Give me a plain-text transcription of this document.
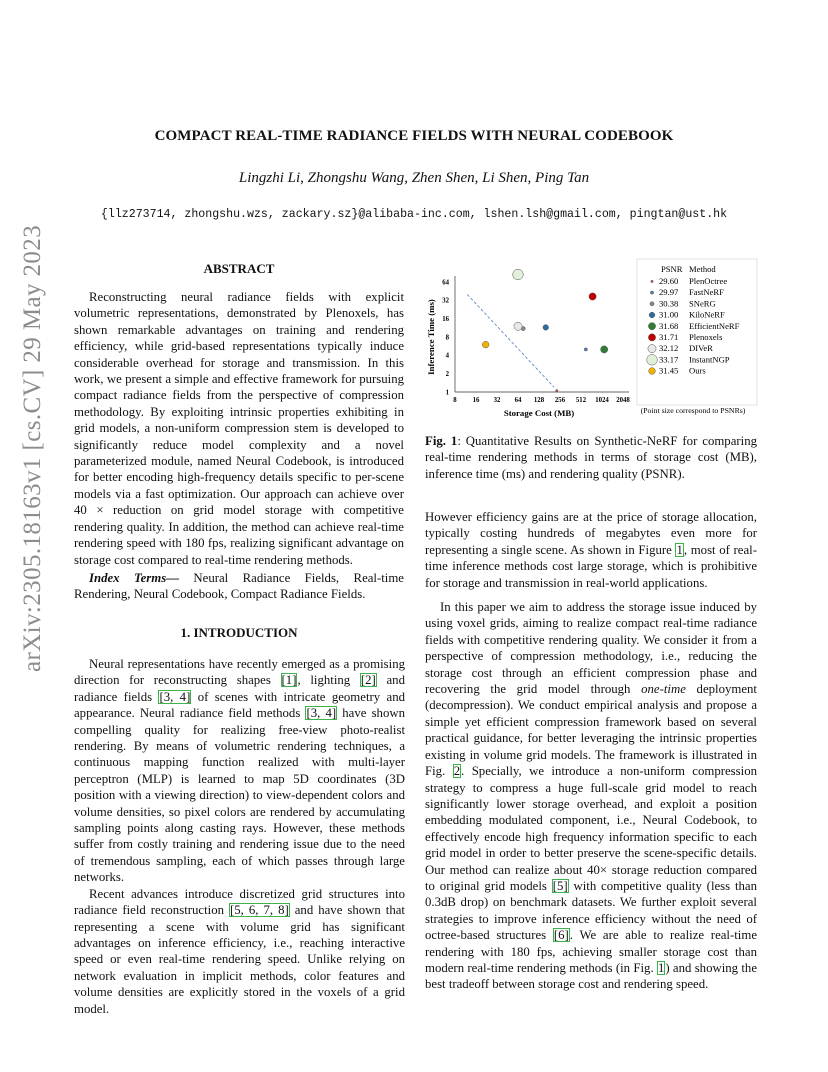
arXiv:2305.18163v1 [cs.CV] 29 May 2023
COMPACT REAL-TIME RADIANCE FIELDS WITH NEURAL CODEBOOK
Lingzhi Li, Zhongshu Wang, Zhen Shen, Li Shen, Ping Tan
{llz273714, zhongshu.wzs, zackary.sz}@alibaba-inc.com, lshen.lsh@gmail.com, pingtan@ust.hk
ABSTRACT

Reconstructing neural radiance fields with explicit volumetric representations, demonstrated by Plenoxels, has shown remarkable advantages on training and rendering efficiency, while grid-based representations typically induce considerable overhead for storage and transmission. In this work, we present a simple and effective framework for pursuing compact radiance fields from the perspective of compression methodology. By exploiting intrinsic properties exhibiting in grid models, a non-uniform compression stem is developed to significantly reduce model complexity and a novel parameterized module, named Neural Codebook, is introduced for better encoding high-frequency details specific to per-scene models via a fast optimization. Our approach can achieve over 40 × reduction on grid model storage with competitive rendering quality. In addition, the method can achieve real-time rendering speed with 180 fps, realizing significant advantage on storage cost compared to real-time rendering methods.

Index Terms— Neural Radiance Fields, Real-time Rendering, Neural Codebook, Compact Radiance Fields.

1. INTRODUCTION

Neural representations have recently emerged as a promising direction for reconstructing shapes [1], lighting [2] and radiance fields [3, 4] of scenes with intricate geometry and appearance. Neural radiance field methods [3, 4] have shown compelling quality for realizing free-view photo-realist rendering. By means of volumetric rendering techniques, a continuous mapping function realized with multi-layer perceptron (MLP) is learned to map 5D coordinates (3D position with a viewing direction) to view-dependent colors and volume densities, so pixel colors are rendered by accumulating sampling points along casting rays. However, these methods suffer from costly training and rendering issue due to the need of tremendous sampling, each of which passes through large networks.

Recent advances introduce discretized grid structures into radiance field reconstruction [5, 6, 7, 8] and have shown that representing a scene with volume grid has significant advantages on inference efficiency, i.e., reaching interactive speed or even real-time rendering speed. Unlike relying on network evaluation in implicit methods, color features and volume densities are explicitly stored in the voxels of a grid model.

8 16 32 64 128 256 512 1024 2048
1
2
4
8
16
32
64
Storage Cost (MB)
Inference Time (ms)
PSNR Method
29.60 PlenOctree
29.97 FastNeRF
30.38 SNeRG
31.00 KiloNeRF
31.68 EfficientNeRF
31.71 Plenoxels
32.12 DIVeR
33.17 InstantNGP
31.45 Ours
(Point size correspond to PSNRs)

Fig. 1: Quantitative Results on Synthetic-NeRF for comparing real-time rendering methods in terms of storage cost (MB), inference time (ms) and rendering quality (PSNR).

However efficiency gains are at the price of storage allocation, typically costing hundreds of megabytes even more for representing a single scene. As shown in Figure 1, most of real-time inference methods cost large storage, which is prohibitive for storage and transmission in real-world applications.

In this paper we aim to address the storage issue induced by using voxel grids, aiming to realize compact real-time radiance fields with competitive rendering quality. We consider it from a perspective of compression methodology, i.e., reducing the storage cost through an efficient compression phase and recovering the grid model through one-time deployment (decompression). We conduct empirical analysis and propose a simple yet efficient compression framework based on several practical guidance, for better leveraging the intrinsic properties existing in volume grid models. The framework is illustrated in Fig. 2. Specially, we introduce a non-uniform compression strategy to compress a huge full-scale grid model to reach significantly lower storage overhead, and exploit a position embedding modulated component, i.e., Neural Codebook, to effectively encode high frequency information specific to each grid model in order to better preserve the scene-specific details. Our method can realize about 40× storage reduction compared to original grid models [5] with competitive quality (less than 0.3dB drop) on benchmark datasets. We further exploit several strategies to improve inference efficiency without the need of octree-based structures [6]. We are able to realize real-time rendering with 180 fps, achieving smaller storage cost than modern real-time rendering methods (in Fig. 1) and showing the best tradeoff between storage cost and rendering speed.
